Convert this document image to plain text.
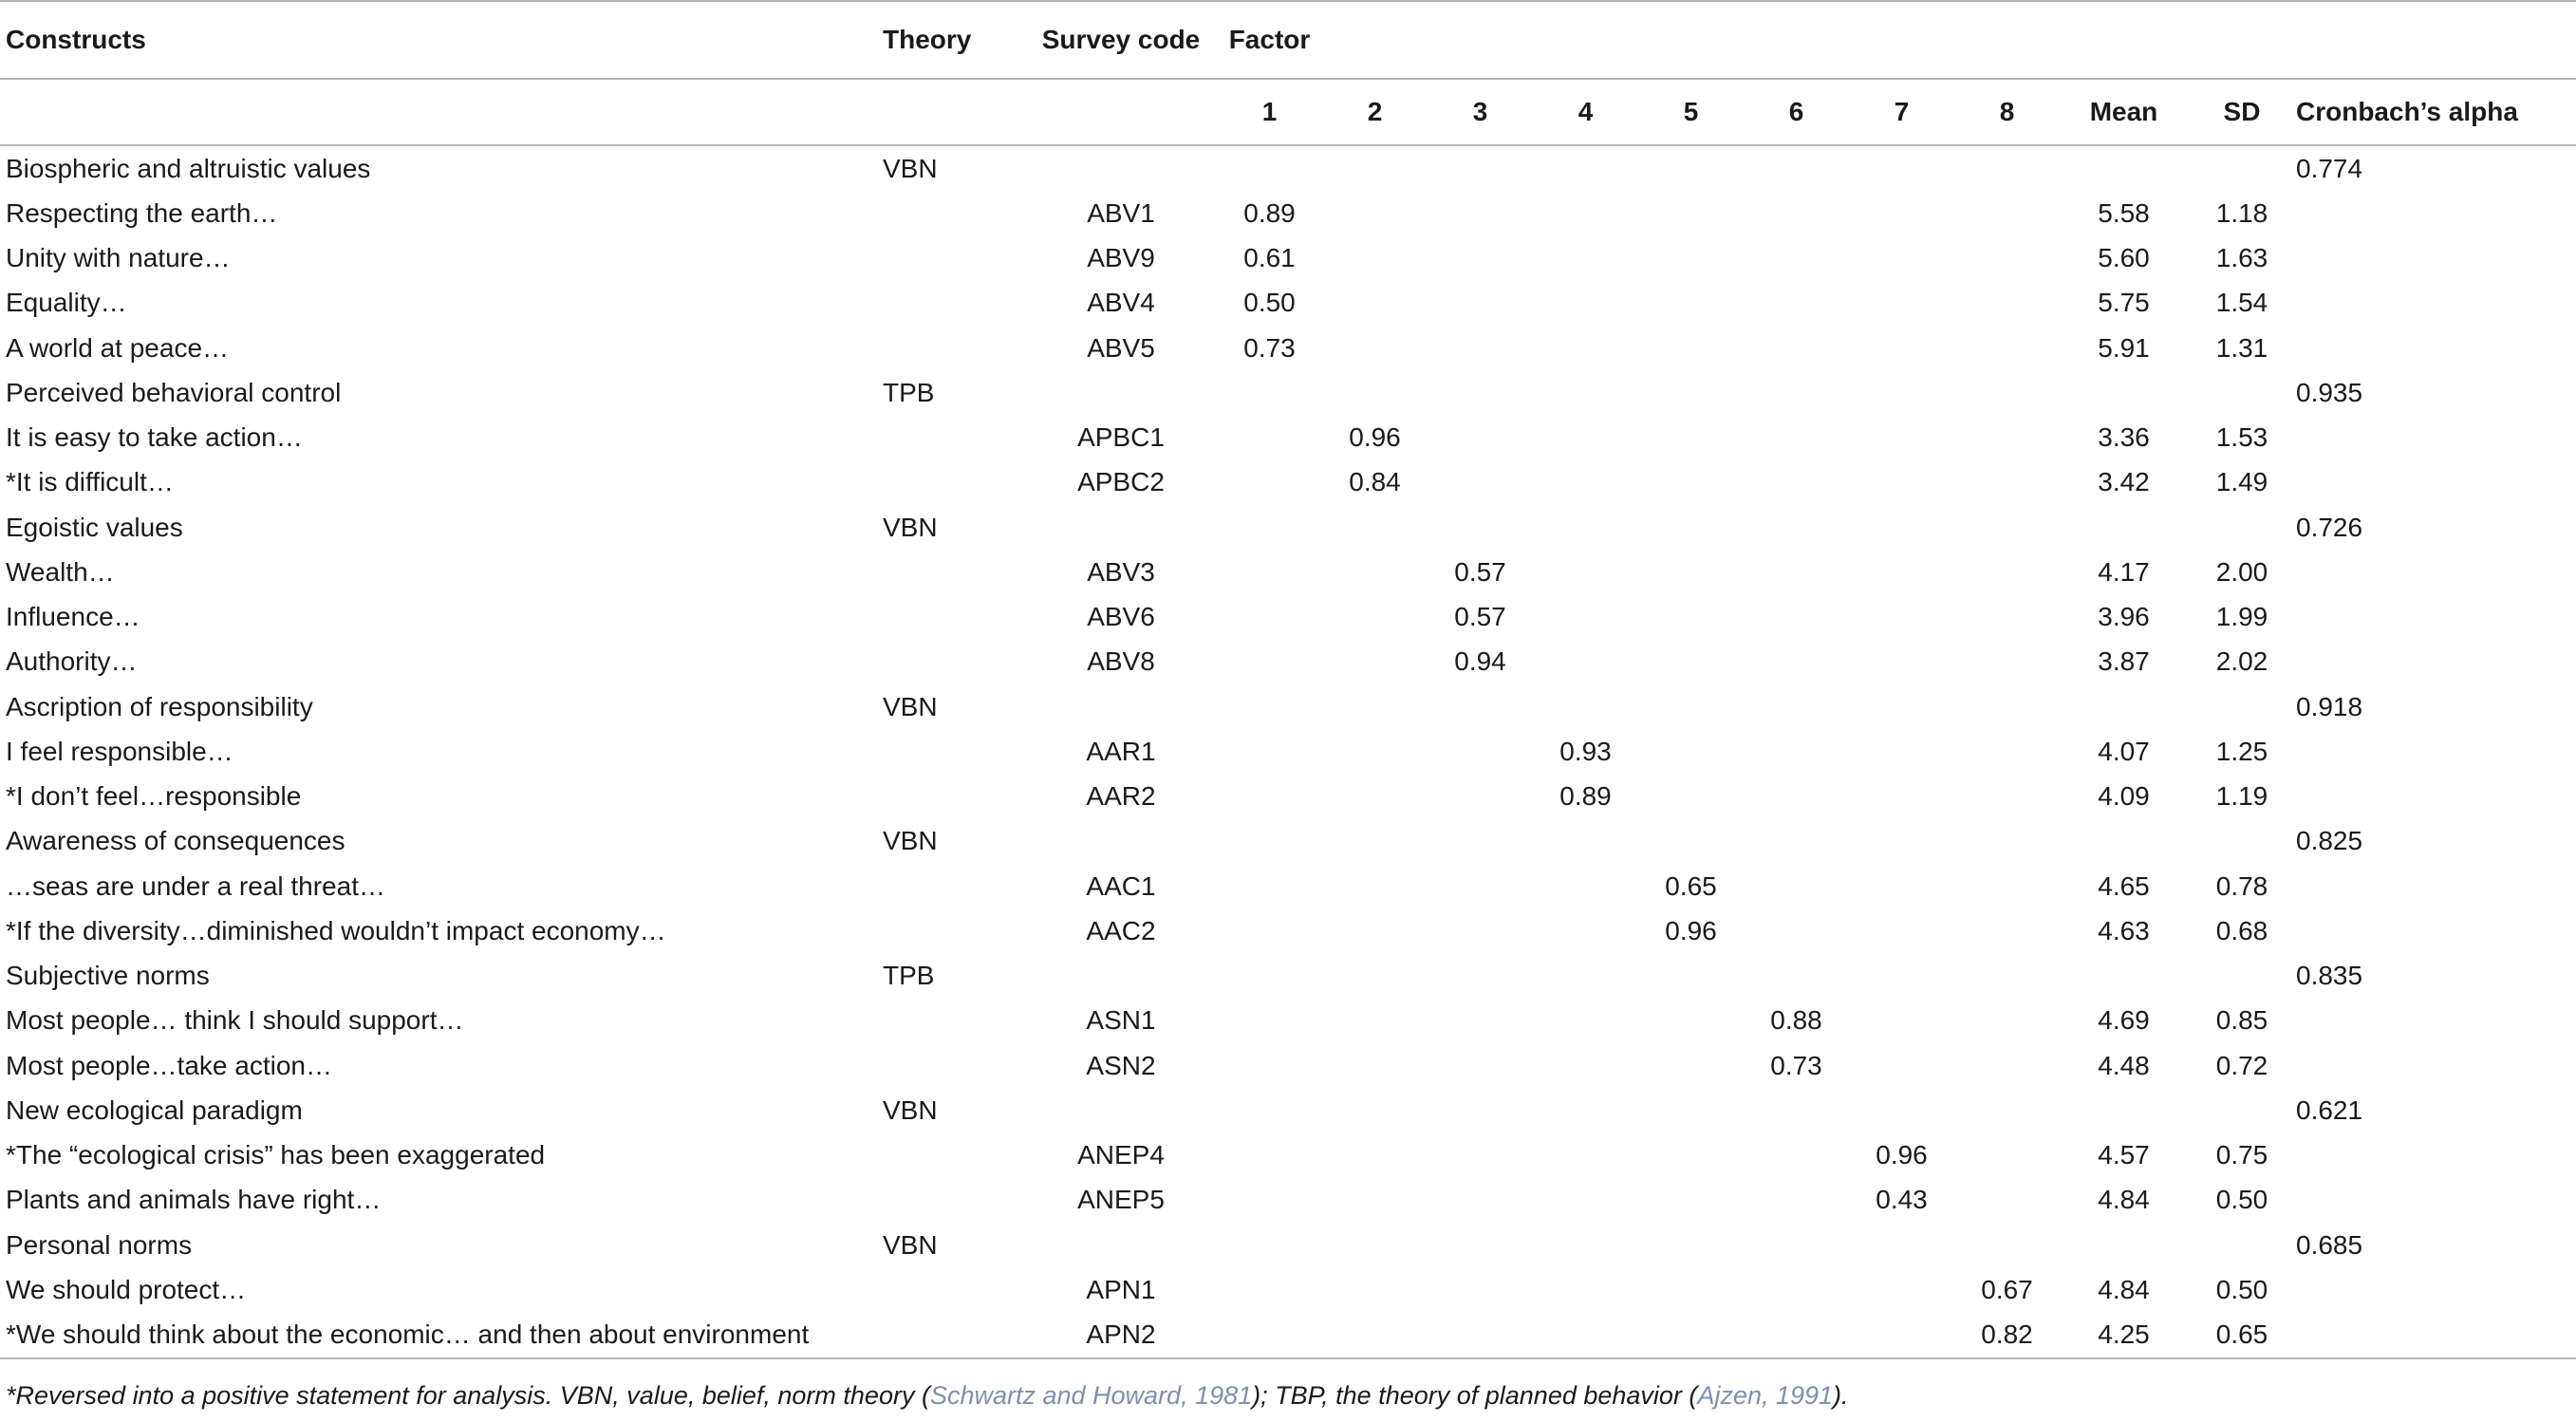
Constructs	Theory	Survey code	Factor										
			1	2	3	4	5	6	7	8	Mean	SD	Cronbach’s alpha
Biospheric and altruistic values	VBN												0.774
Respecting the earth…		ABV1	0.89								5.58	1.18	
Unity with nature…		ABV9	0.61								5.60	1.63	
Equality…		ABV4	0.50								5.75	1.54	
A world at peace…		ABV5	0.73								5.91	1.31	
Perceived behavioral control	TPB												0.935
It is easy to take action…		APBC1		0.96							3.36	1.53	
*It is difficult…		APBC2		0.84							3.42	1.49	
Egoistic values	VBN												0.726
Wealth…		ABV3			0.57						4.17	2.00	
Influence…		ABV6			0.57						3.96	1.99	
Authority…		ABV8			0.94						3.87	2.02	
Ascription of responsibility	VBN												0.918
I feel responsible…		AAR1				0.93					4.07	1.25	
*I don’t feel…responsible		AAR2				0.89					4.09	1.19	
Awareness of consequences	VBN												0.825
…seas are under a real threat…		AAC1					0.65				4.65	0.78	
*If the diversity…diminished wouldn’t impact economy…		AAC2					0.96				4.63	0.68	
Subjective norms	TPB												0.835
Most people… think I should support…		ASN1						0.88			4.69	0.85	
Most people…take action…		ASN2						0.73			4.48	0.72	
New ecological paradigm	VBN												0.621
*The “ecological crisis” has been exaggerated		ANEP4							0.96		4.57	0.75	
Plants and animals have right…		ANEP5							0.43		4.84	0.50	
Personal norms	VBN												0.685
We should protect…		APN1								0.67	4.84	0.50	
*We should think about the economic… and then about environment		APN2								0.82	4.25	0.65	
*Reversed into a positive statement for analysis. VBN, value, belief, norm theory (Schwartz and Howard, 1981); TBP, the theory of planned behavior (Ajzen, 1991).
